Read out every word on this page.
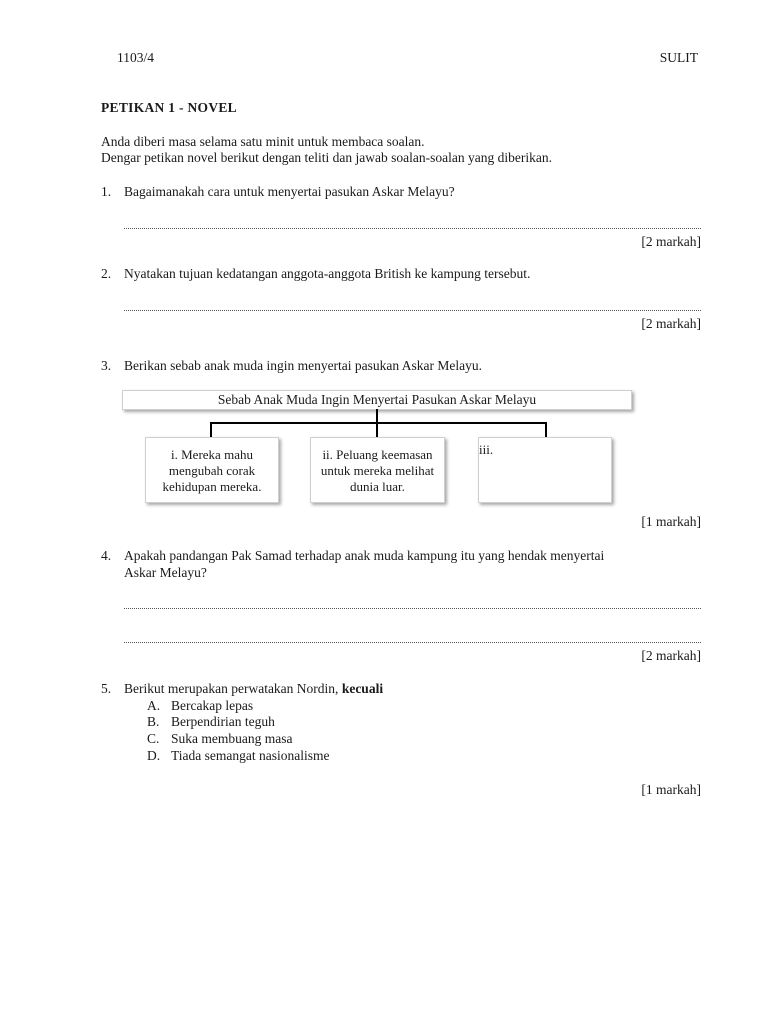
1103/4	SULIT
PETIKAN 1 - NOVEL
Anda diberi masa selama satu minit untuk membaca soalan.
Dengar petikan novel berikut dengan teliti dan jawab soalan-soalan yang diberikan.
1. Bagaimanakah cara untuk menyertai pasukan Askar Melayu?
[2 markah]
2. Nyatakan tujuan kedatangan anggota-anggota British ke kampung tersebut.
[2 markah]
3. Berikan sebab anak muda ingin menyertai pasukan Askar Melayu.
Sebab Anak Muda Ingin Menyertai Pasukan Askar Melayu
i. Mereka mahu
mengubah corak
kehidupan mereka.
ii. Peluang keemasan
untuk mereka melihat
dunia luar.
iii.
[1 markah]
4. Apakah pandangan Pak Samad terhadap anak muda kampung itu yang hendak menyertai
Askar Melayu?
[2 markah]
5. Berikut merupakan perwatakan Nordin, kecuali
A. Bercakap lepas
B. Berpendirian teguh
C. Suka membuang masa
D. Tiada semangat nasionalisme
[1 markah]
